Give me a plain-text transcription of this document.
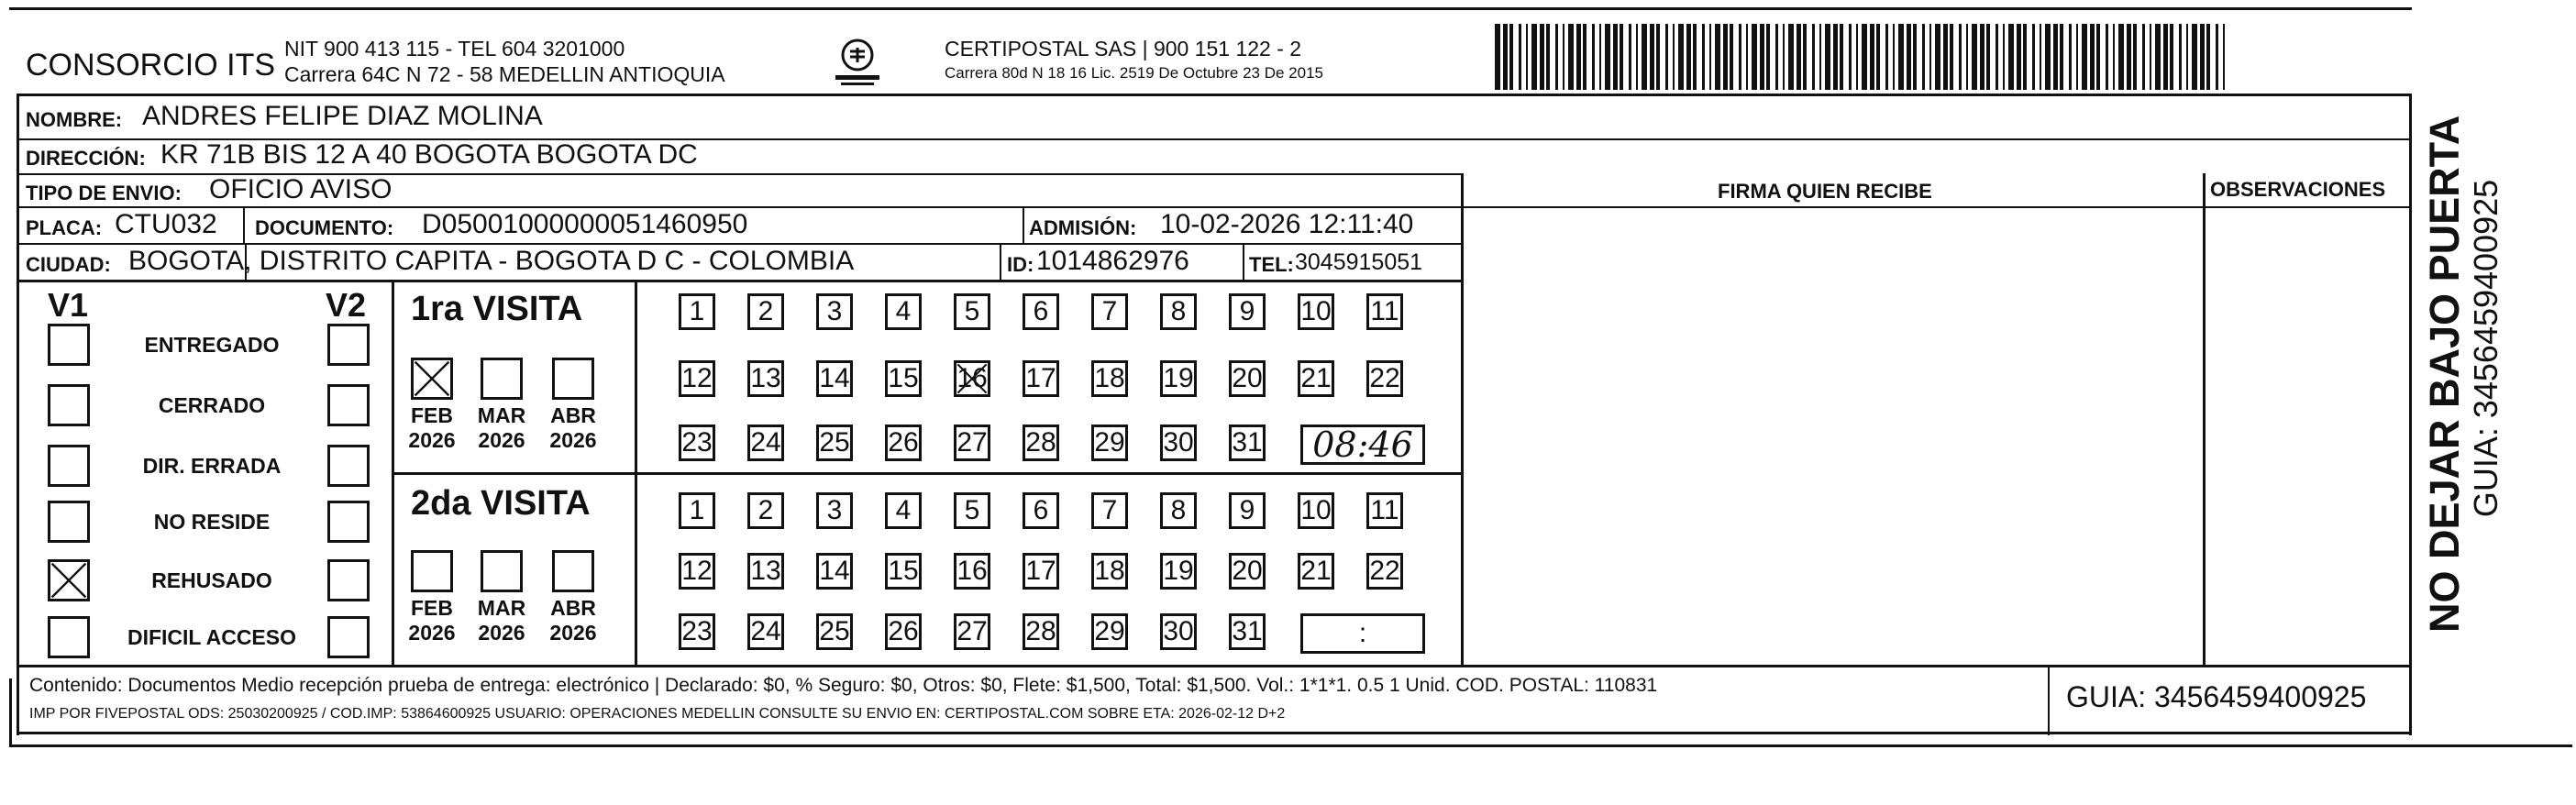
CONSORCIO ITS NIT 900 413 115 - TEL 604 3201000
Carrera 64C N 72 - 58 MEDELLIN ANTIOQUIA
CERTIPOSTAL SAS | 900 151 122 - 2
Carrera 80d N 18 16 Lic. 2519 De Octubre 23 De 2015
NOMBRE: ANDRES FELIPE DIAZ MOLINA
DIRECCIÓN: KR 71B BIS 12 A 40 BOGOTA BOGOTA DC
TIPO DE ENVIO: OFICIO AVISO	FIRMA QUIEN RECIBE	OBSERVACIONES
PLACA: CTU032 DOCUMENTO: D05001000000051460950	ADMISIÓN: 10-02-2026 12:11:40
CIUDAD: BOGOTA, DISTRITO CAPITA - BOGOTA D C - COLOMBIA	ID: 1014862976	TEL: 3045915051
V1	V2
ENTREGADO
CERRADO
DIR. ERRADA
NO RESIDE
REHUSADO
DIFICIL ACCESO
1ra VISITA
2da VISITA
1	2	3	4	5	6	7	8	9	10 11
12 13 14 15 16 17 18 19 20 21 22
23 24 25 26 27 28 29 30 31	08:46
FEB
2026
MAR
2026
ABR
2026
1	2	3	4	5	6	7	8	9	10 11
12 13 14 15 16 17 18 19 20 21 22
23 24 25 26 27 28 29 30 31	:
FEB
2026
MAR
2026
ABR
2026
Contenido: Documentos Medio recepción prueba de entrega: electrónico | Declarado: $0, % Seguro: $0, Otros: $0, Flete: $1,500, Total: $1,500. Vol.: 1*1*1. 0.5 1 Unid. COD. POSTAL: 110831
IMP POR FIVEPOSTAL ODS: 25030200925 / COD.IMP: 53864600925 USUARIO: OPERACIONES MEDELLIN CONSULTE SU ENVIO EN: CERTIPOSTAL.COM SOBRE ETA: 2026-02-12 D+2
GUIA: 3456459400925
NO DEJAR BAJO PUERTA GUIA: 3456459400925
